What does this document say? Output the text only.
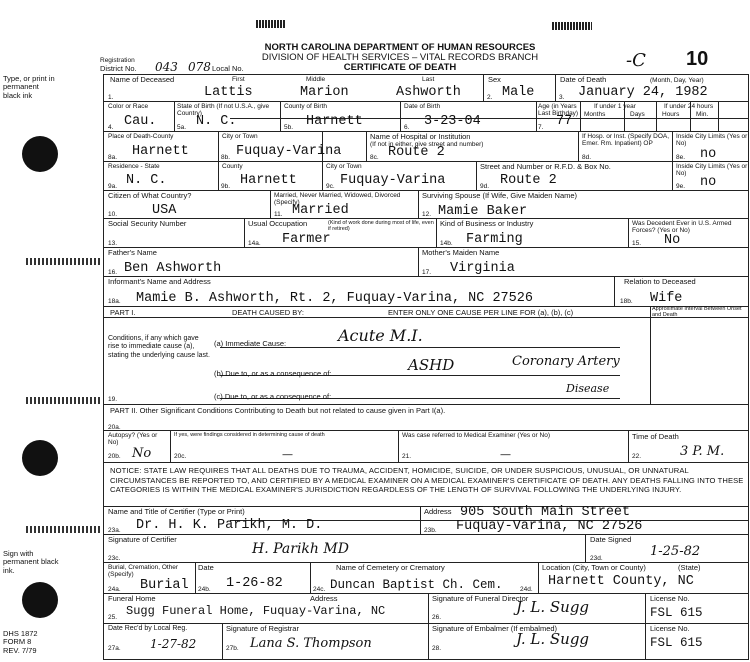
NORTH CAROLINA DEPARTMENT OF HUMAN RESOURCES
DIVISION OF HEALTH SERVICES – VITAL RECORDS BRANCH
CERTIFICATE OF DEATH
Registration
District No. 043 078 Local No.	-C 10
Type, or print in permanent black ink
Sign with permanent black ink.
DHS 1872 FORM 8 REV. 7/79
Name of Deceased	First	Middle	Last
1.	Lattis	Marion	Ashworth
Sex
2. Male
Date of Death	(Month, Day, Year)
3. January 24, 1982
Color or Race
4. Cau.
State of Birth (If not U.S.A., give Country)
5a. N. C.
County of Birth
5b. Harnett
Date of Birth
6. 3-23-04
Age (in Years Last Birthday)
7. 77
If under 1 year
Months	Days
If under 24 hours
Hours	Min.
Place of Death-County
8a. Harnett
City or Town
8b. Fuquay-Varina
Name of Hospital or Institution
(If not in either, give street and number)
8c. Route 2
If Hosp. or Inst. (Specify DOA, Emer. Rm. Inpatient) OP
8d.
Inside City Limits (Yes or No)
8e. no
Residence - State
9a. N. C.
County
9b. Harnett
City or Town
9c. Fuquay-Varina
Street and Number or R.F.D. & Box No.
9d. Route 2
Inside City Limits (Yes or No)
9e. no
Citizen of What Country?
10.	USA
Married, Never Married, Widowed, Divorced (Specify)
11. Married
Surviving Spouse (If Wife, Give Maiden Name)
12. Mamie Baker
Social Security Number
13.
Usual Occupation	(Kind of work done during most of life, even if retired)
14a. Farmer
Kind of Business or Industry
14b. Farming
Was Decedent Ever in U.S. Armed Forces? (Yes or No)
15. No
Father's Name
16. Ben Ashworth
Mother's Maiden Name
17. Virginia
Informant's Name and Address
18a. Mamie B. Ashworth, Rt. 2, Fuquay-Varina, NC 27526
Relation to Deceased
18b. Wife
PART I.	DEATH CAUSED BY:	ENTER ONLY ONE CAUSE PER LINE FOR (a), (b), (c)	Approximate Interval Between Onset and Death
Conditions, if any which gave rise to immediate cause (a), stating the underlying cause last.
(a) Immediate Cause:	Acute M.I.
(b) Due to, or as a consequence of:	ASHD	Coronary Artery
Disease
19.	(c) Due to, or as a consequence of:
PART II. Other Significant Conditions Contributing to Death but not related to cause given in Part I(a).
20a.
Autopsy? (Yes or No)
20b. No
If yes, were findings considered in determining cause of death
20c.	—
Was case referred to Medical Examiner (Yes or No)
21.	—
Time of Death
22.	3 P. M.
NOTICE: STATE LAW REQUIRES THAT ALL DEATHS DUE TO TRAUMA, ACCIDENT, HOMICIDE, SUICIDE, OR UNDER SUSPICIOUS, UNUSUAL, OR UNNATURAL CIRCUMSTANCES BE REPORTED TO, AND CERTIFIED BY A MEDICAL EXAMINER ON A MEDICAL EXAMINER'S CERTIFICATE OF DEATH. ANY DEATHS FALLING INTO THESE CATEGORIES IS WITHIN THE MEDICAL EXAMINER'S JURISDICTION REGARDLESS OF THE LENGTH OF SURVIVAL FOLLOWING THE UNDERLYING INJURY.
Name and Title of Certifier (Type or Print)
23a. Dr. H. K. Parikh, M. D.
Address 905 South Main Street
23b. Fuquay-Varina, NC 27526
Signature of Certifier
23c.
H. Parikh MD
Date Signed
23d.	1-25-82
Burial, Cremation, Other (Specify)
24a. Burial
Date
24b. 1-26-82
Name of Cemetery or Crematory
24c. Duncan Baptist Ch. Cem.
Location (City, Town or County)
24d.
Harnett County, NC
(State)
Funeral Home	Address
25. Sugg Funeral Home, Fuquay-Varina, NC
Signature of Funeral Director
26.
J. L. Sugg	License No.
FSL 615
Date Rec'd by Local Reg.
27a. 1-27-82
Signature of Registrar
27b. Lana S. Thompson
Signature of Embalmer (If embalmed)
28.
J. L. Sugg
License No.
FSL 615
